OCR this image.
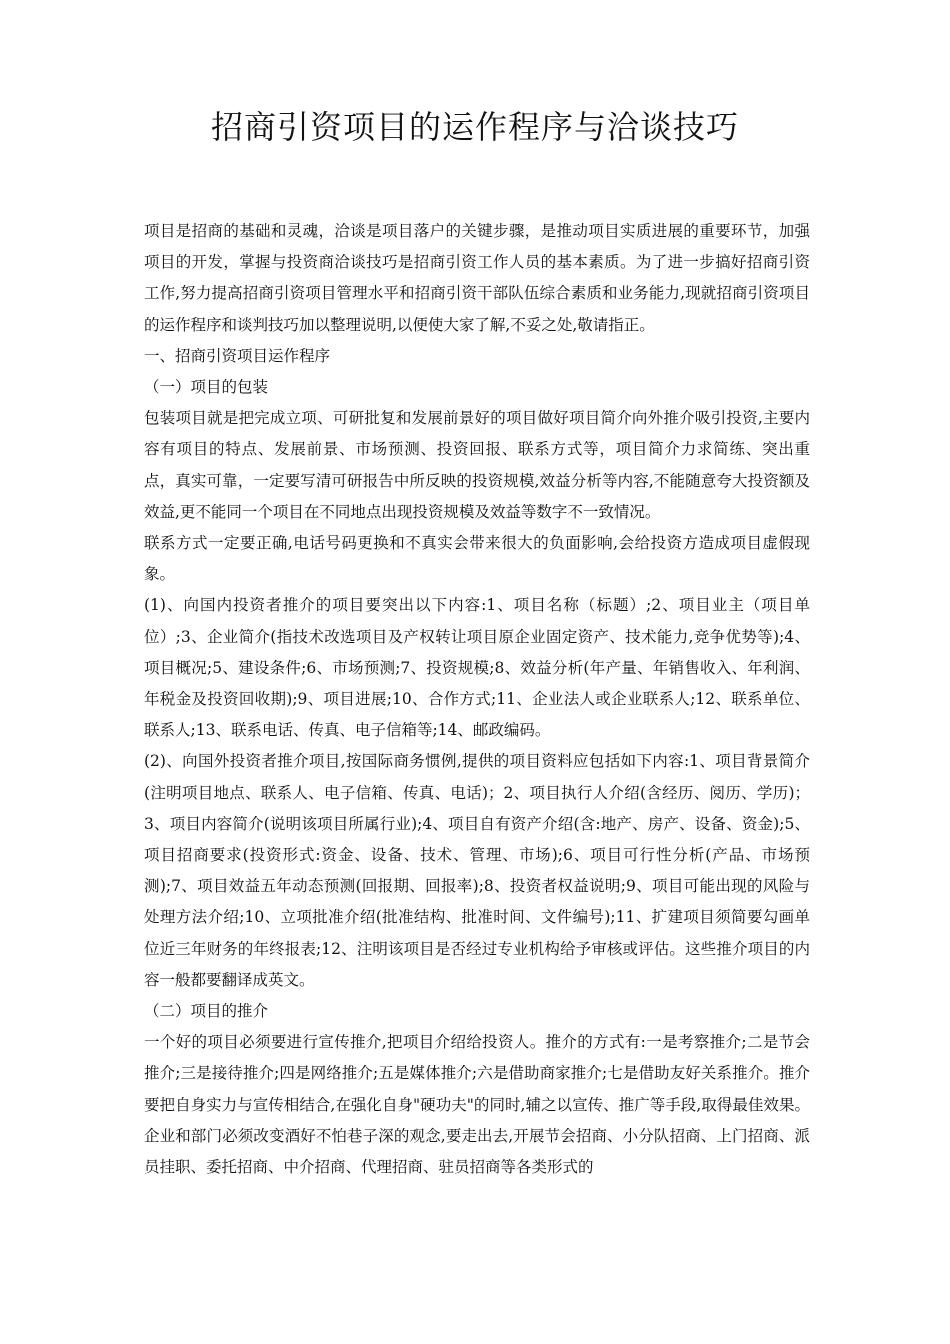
招商引资项目的运作程序与洽谈技巧

项目是招商的基础和灵魂，洽谈是项目落户的关键步骤，是推动项目实质进展的重要环节，加强项目的开发，掌握与投资商洽谈技巧是招商引资工作人员的基本素质。为了进一步搞好招商引资工作,努力提高招商引资项目管理水平和招商引资干部队伍综合素质和业务能力,现就招商引资项目的运作程序和谈判技巧加以整理说明,以便使大家了解,不妥之处,敬请指正。

一、招商引资项目运作程序

（一）项目的包装

包装项目就是把完成立项、可研批复和发展前景好的项目做好项目简介向外推介吸引投资,主要内容有项目的特点、发展前景、市场预测、投资回报、联系方式等，项目简介力求简练、突出重点，真实可靠，一定要写清可研报告中所反映的投资规模,效益分析等内容,不能随意夸大投资额及效益,更不能同一个项目在不同地点出现投资规模及效益等数字不一致情况。

联系方式一定要正确,电话号码更换和不真实会带来很大的负面影响,会给投资方造成项目虚假现象。

(1)、向国内投资者推介的项目要突出以下内容:1、项目名称（标题）;2、项目业主（项目单位）;3、企业简介(指技术改选项目及产权转让项目原企业固定资产、技术能力,竞争优势等);4、项目概况;5、建设条件;6、市场预测;7、投资规模;8、效益分析(年产量、年销售收入、年利润、年税金及投资回收期);9、项目进展;10、合作方式;11、企业法人或企业联系人;12、联系单位、联系人;13、联系电话、传真、电子信箱等;14、邮政编码。

(2)、向国外投资者推介项目,按国际商务惯例,提供的项目资料应包括如下内容:1、项目背景简介(注明项目地点、联系人、电子信箱、传真、电话)；2、项目执行人介绍(含经历、阅历、学历)；3、项目内容简介(说明该项目所属行业);4、项目自有资产介绍(含:地产、房产、设备、资金);5、项目招商要求(投资形式:资金、设备、技术、管理、市场);6、项目可行性分析(产品、市场预测);7、项目效益五年动态预测(回报期、回报率);8、投资者权益说明;9、项目可能出现的风险与处理方法介绍;10、立项批准介绍(批准结构、批准时间、文件编号);11、扩建项目须简要勾画单位近三年财务的年终报表;12、注明该项目是否经过专业机构给予审核或评估。这些推介项目的内容一般都要翻译成英文。

（二）项目的推介

一个好的项目必须要进行宣传推介,把项目介绍给投资人。推介的方式有:一是考察推介;二是节会推介;三是接待推介;四是网络推介;五是媒体推介;六是借助商家推介;七是借助友好关系推介。推介要把自身实力与宣传相结合,在强化自身"硬功夫"的同时,辅之以宣传、推广等手段,取得最佳效果。企业和部门必须改变酒好不怕巷子深的观念,要走出去,开展节会招商、小分队招商、上门招商、派员挂职、委托招商、中介招商、代理招商、驻员招商等各类形式的
